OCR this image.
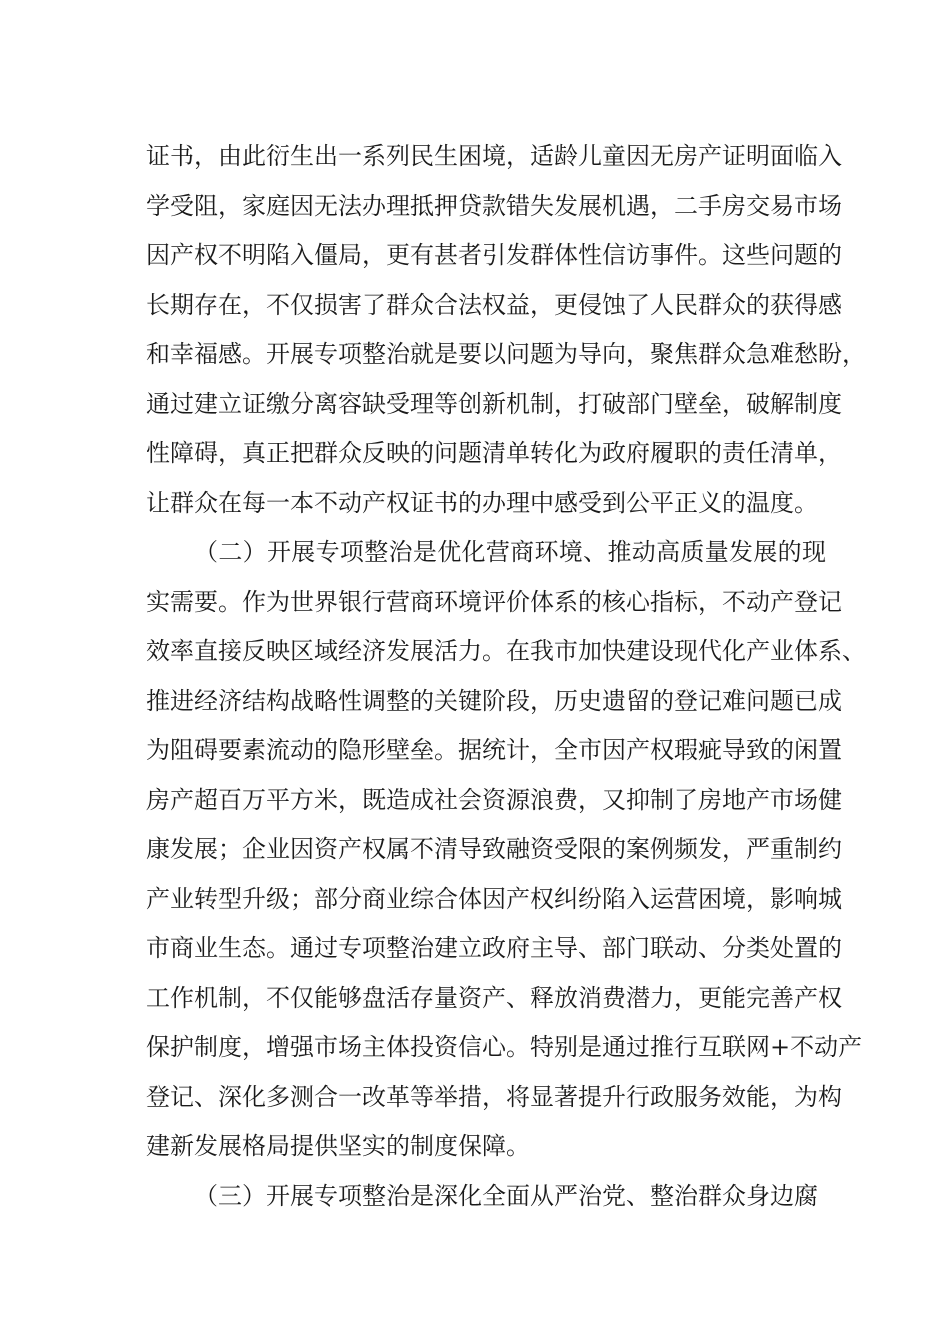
证书，由此衍生出一系列民生困境，适龄儿童因无房产证明面临入
学受阻，家庭因无法办理抵押贷款错失发展机遇，二手房交易市场
因产权不明陷入僵局，更有甚者引发群体性信访事件。这些问题的
长期存在，不仅损害了群众合法权益，更侵蚀了人民群众的获得感
和幸福感。开展专项整治就是要以问题为导向，聚焦群众急难愁盼，
通过建立证缴分离容缺受理等创新机制，打破部门壁垒，破解制度
性障碍，真正把群众反映的问题清单转化为政府履职的责任清单，
让群众在每一本不动产权证书的办理中感受到公平正义的温度。
（二）开展专项整治是优化营商环境、推动高质量发展的现
实需要。作为世界银行营商环境评价体系的核心指标，不动产登记
效率直接反映区域经济发展活力。在我市加快建设现代化产业体系、
推进经济结构战略性调整的关键阶段，历史遗留的登记难问题已成
为阻碍要素流动的隐形壁垒。据统计，全市因产权瑕疵导致的闲置
房产超百万平方米，既造成社会资源浪费，又抑制了房地产市场健
康发展；企业因资产权属不清导致融资受限的案例频发，严重制约
产业转型升级；部分商业综合体因产权纠纷陷入运营困境，影响城
市商业生态。通过专项整治建立政府主导、部门联动、分类处置的
工作机制，不仅能够盘活存量资产、释放消费潜力，更能完善产权
保护制度，增强市场主体投资信心。特别是通过推行互联网+不动产
登记、深化多测合一改革等举措，将显著提升行政服务效能，为构
建新发展格局提供坚实的制度保障。
（三）开展专项整治是深化全面从严治党、整治群众身边腐
